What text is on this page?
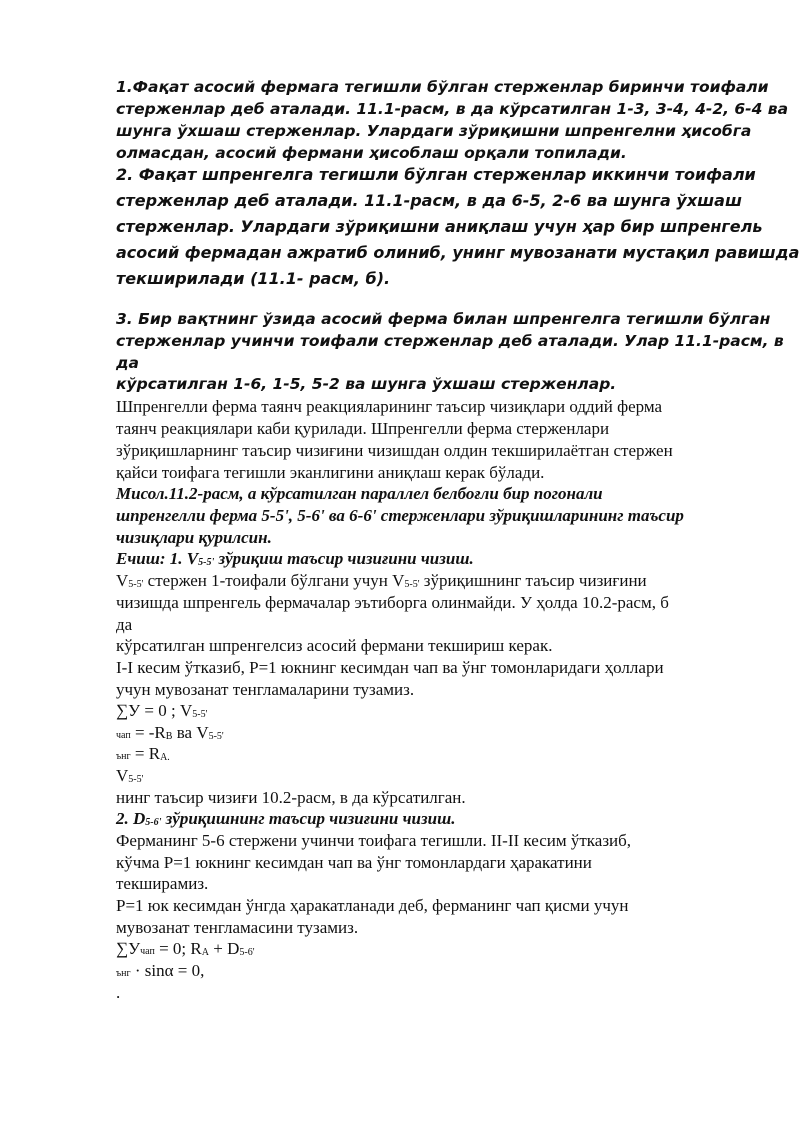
1.Фақат асосий фермага тегишли бўлган стерженлар биринчи тоифали
стерженлар деб аталади. 11.1-расм, в да кўрсатилган 1-3, 3-4, 4-2, 6-4 ва
шунга ўхшаш стерженлар. Улардаги зўриқишни шпренгелни ҳисобга
олмасдан, асосий фермани ҳисоблаш орқали топилади.
2. Фақат шпренгелга тегишли бўлган стерженлар иккинчи тоифали
стерженлар деб аталади. 11.1-расм, в да 6-5, 2-6 ва шунга ўхшаш
стерженлар. Улардаги зўриқишни аниқлаш учун ҳар бир шпренгель
асосий фермадан ажратиб олиниб, унинг мувозанати мустақил равишда
текширилади (11.1- расм, б).
3. Бир вақтнинг ўзида асосий ферма билан шпренгелга тегишли бўлган
стерженлар учинчи тоифали стерженлар деб аталади. Улар 11.1-расм, в
да
кўрсатилган 1-6, 1-5, 5-2 ва шунга ўхшаш стерженлар.
Шпренгелли ферма таянч реакцияларининг таъсир чизиқлари оддий ферма
таянч реакциялари каби қурилади. Шпренгелли ферма стерженлари
зўриқишларнинг таъсир чизиғини чизишдан олдин текширилаётган стержен
қайси тоифага тегишли эканлигини аниқлаш керак бўлади.
Мисол.11.2-расм, а кўрсатилган параллел белбоғли бир погонали
шпренгелли ферма 5-5', 5-6' ва 6-6' стерженлари зўриқишларининг таъсир
чизиқлари қурилсин.
Ечиш: 1. V5-5' зўриқиш таъсир чизиғини чизиш.
V5-5' стержен 1-тоифали бўлгани учун V5-5' зўриқишнинг таъсир чизиғини
чизишда шпренгель фермачалар эътиборга олинмайди. У ҳолда 10.2-расм, б
да
кўрсатилган шпренгелсиз асосий фермани текшириш керак.
I-I кесим ўтказиб, P=1 юкнинг кесимдан чап ва ўнг томонларидаги ҳоллари
учун мувозанат тенгламаларини тузамиз.
∑У = 0 ; V5-5'
чап = -RB ва V5-5'
ънг = RA.
V5-5'
нинг таъсир чизиғи 10.2-расм, в да кўрсатилган.
2. D5-6' зўриқишнинг таъсир чизиғини чизиш.
Ферманинг 5-6 стержени учинчи тоифага тегишли. II-II кесим ўтказиб,
кўчма P=1 юкнинг кесимдан чап ва ўнг томонлардаги ҳаракатини
текширамиз.
P=1 юк кесимдан ўнгда ҳаракатланади деб, ферманинг чап қисми учун
мувозанат тенгламасини тузамиз.
∑Учап = 0; RA + D5-6'
ънг · sinα = 0,
.
